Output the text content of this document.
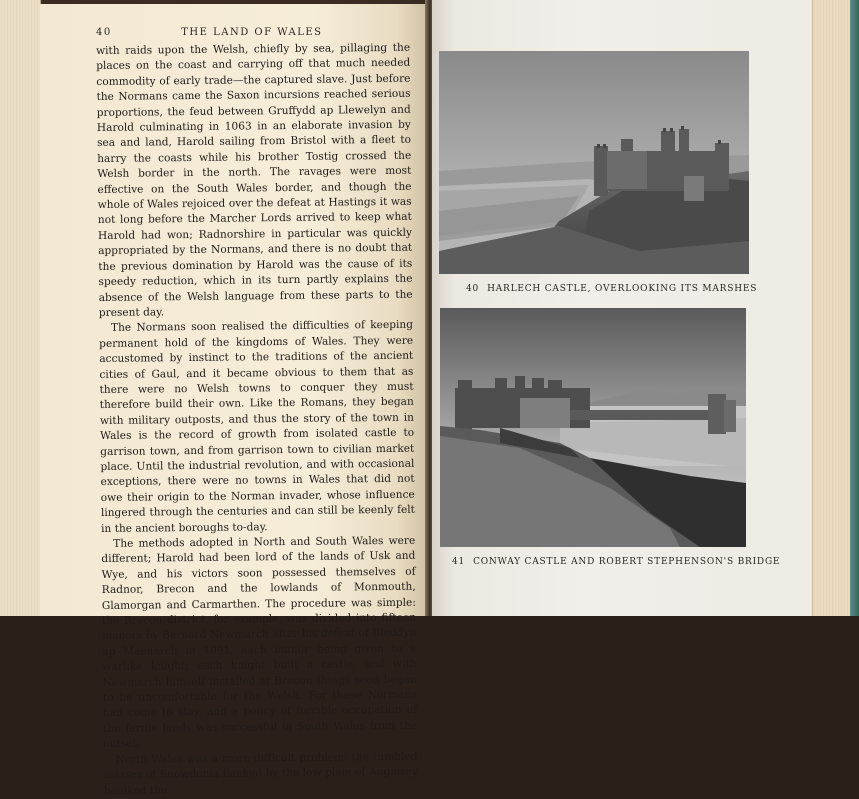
40	THE LAND OF WALES

with raids upon the Welsh, chiefly by sea, pillaging the places on the coast and carrying off that much needed commodity of early trade—the captured slave. Just before the Normans came the Saxon incursions reached serious proportions, the feud between Gruffydd ap Llewelyn and Harold culminating in 1063 in an elaborate invasion by sea and land, Harold sailing from Bristol with a fleet to harry the coasts while his brother Tostig crossed the Welsh border in the north. The ravages were most effective on the South Wales border, and though the whole of Wales rejoiced over the defeat at Hastings it was not long before the Marcher Lords arrived to keep what Harold had won; Radnorshire in particular was quickly appropriated by the Normans, and there is no doubt that the previous domination by Harold was the cause of its speedy reduction, which in its turn partly explains the absence of the Welsh language from these parts to the present day.

The Normans soon realised the difficulties of keeping permanent hold of the kingdoms of Wales. They were accustomed by instinct to the traditions of the ancient cities of Gaul, and it became obvious to them that as there were no Welsh towns to conquer they must therefore build their own. Like the Romans, they began with military outposts, and thus the story of the town in Wales is the record of growth from isolated castle to garrison town, and from garrison town to civilian market place. Until the industrial revolution, and with occasional exceptions, there were no towns in Wales that did not owe their origin to the Norman invader, whose influence lingered through the centuries and can still be keenly felt in the ancient boroughs to-day.

The methods adopted in North and South Wales were different; Harold had been lord of the lands of Usk and Wye, and his victors soon possessed themselves of Radnor, Brecon and the lowlands of Monmouth, Glamorgan and Carmarthen. The procedure was simple: the Brecon district, for example, was divided into fifteen manors by Bernard Newmarch after his defeat of Bleddyn ap Maenarch in 1091, each manor being given to a warlike knight; each knight built a castle, and with Newmarch himself installed at Brecon things soon began to be uncomfortable for the Welsh. For these Normans had come to stay, and a policy of forcible occupation of the fertile lands was successful in South Wales from the outset.

North Wales was a more difficult problem: the tumbled masses of Snowdonia flanked by the low plain of Anglesey baulked the

40 HARLECH CASTLE, OVERLOOKING ITS MARSHES
41 CONWAY CASTLE AND ROBERT STEPHENSON'S BRIDGE
